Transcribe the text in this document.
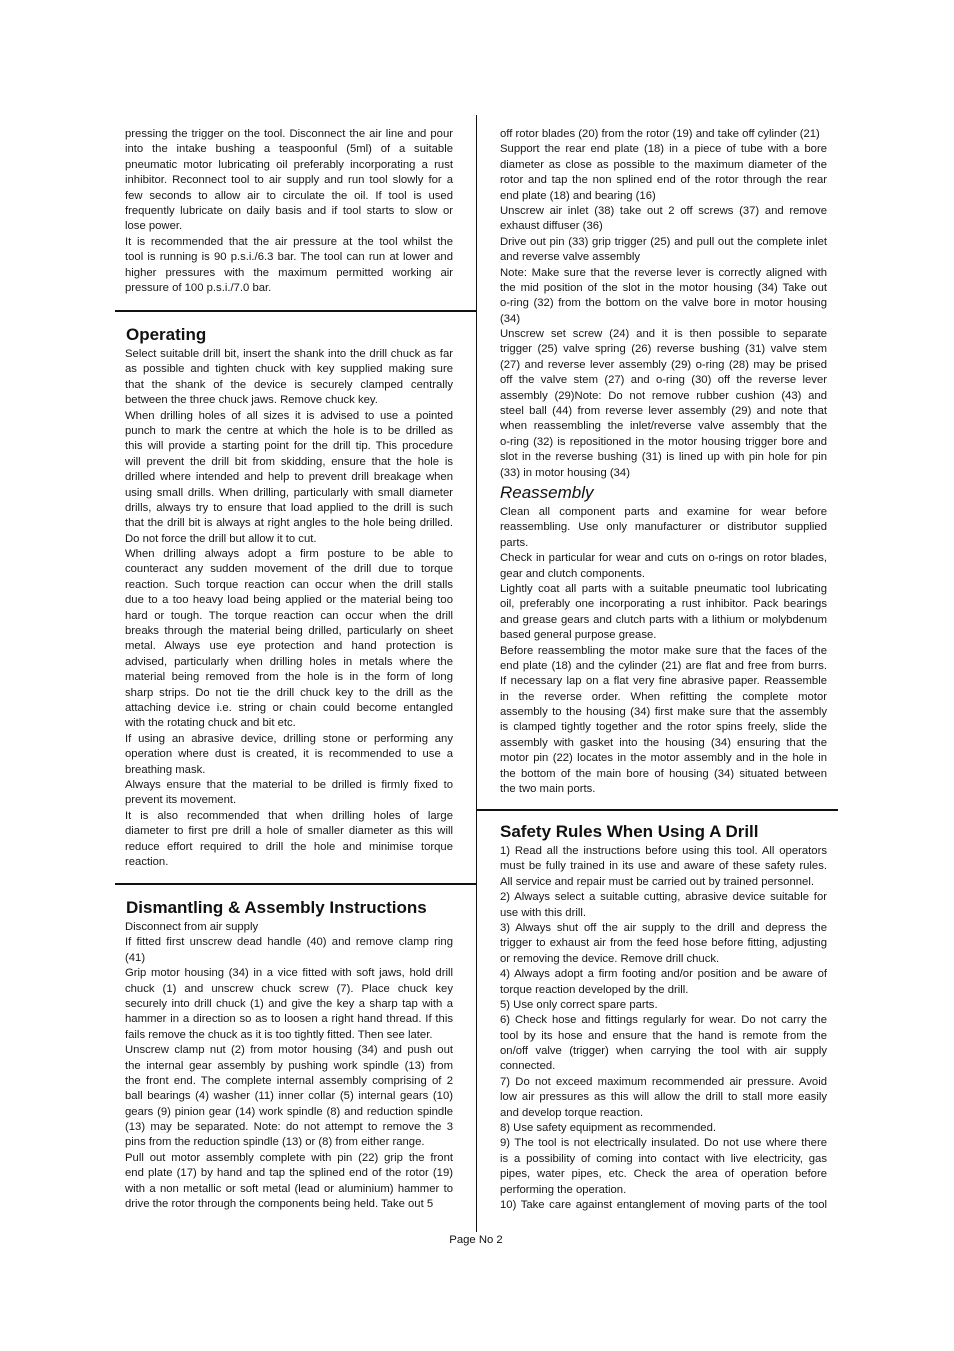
pressing the trigger on the tool. Disconnect the air line and pour
into the intake bushing a teaspoonful (5ml) of a suitable
pneumatic motor lubricating oil preferably incorporating a rust
inhibitor. Reconnect tool to air supply and run tool slowly for a
few seconds to allow air to circulate the oil. If tool is used
frequently lubricate on daily basis and if tool starts to slow or
lose power.
It is recommended that the air pressure at the tool whilst the
tool is running is 90 p.s.i./6.3 bar. The tool can run at lower and
higher pressures with the maximum permitted working air
pressure of 100 p.s.i./7.0 bar.
Operating
Select suitable drill bit, insert the shank into the drill chuck as far
as possible and tighten chuck with key supplied making sure
that the shank of the device is securely clamped centrally
between the three chuck jaws. Remove chuck key.
When drilling holes of all sizes it is advised to use a pointed
punch to mark the centre at which the hole is to be drilled as
this will provide a starting point for the drill tip. This procedure
will prevent the drill bit from skidding, ensure that the hole is
drilled where intended and help to prevent drill breakage when
using small drills. When drilling, particularly with small diameter
drills, always try to ensure that load applied to the drill is such
that the drill bit is always at right angles to the hole being drilled.
Do not force the drill but allow it to cut.
When drilling always adopt a firm posture to be able to
counteract any sudden movement of the drill due to torque
reaction. Such torque reaction can occur when the drill stalls
due to a too heavy load being applied or the material being too
hard or tough. The torque reaction can occur when the drill
breaks through the material being drilled, particularly on sheet
metal. Always use eye protection and hand protection is
advised, particularly when drilling holes in metals where the
material being removed from the hole is in the form of long
sharp strips. Do not tie the drill chuck key to the drill as the
attaching device i.e. string or chain could become entangled
with the rotating chuck and bit etc.
If using an abrasive device, drilling stone or performing any
operation where dust is created, it is recommended to use a
breathing mask.
Always ensure that the material to be drilled is firmly fixed to
prevent its movement.
It is also recommended that when drilling holes of large
diameter to first pre drill a hole of smaller diameter as this will
reduce effort required to drill the hole and minimise torque
reaction.
Dismantling & Assembly Instructions
Disconnect from air supply
If fitted first unscrew dead handle (40) and remove clamp ring
(41)
Grip motor housing (34) in a vice fitted with soft jaws, hold drill
chuck (1) and unscrew chuck screw (7). Place chuck key
securely into drill chuck (1) and give the key a sharp tap with a
hammer in a direction so as to loosen a right hand thread. If this
fails remove the chuck as it is too tightly fitted. Then see later.
Unscrew clamp nut (2) from motor housing (34) and push out
the internal gear assembly by pushing work spindle (13) from
the front end. The complete internal assembly comprising of 2
ball bearings (4) washer (11) inner collar (5) internal gears (10)
gears (9) pinion gear (14) work spindle (8) and reduction spindle
(13) may be separated. Note: do not attempt to remove the 3
pins from the reduction spindle (13) or (8) from either range.
Pull out motor assembly complete with pin (22) grip the front
end plate (17) by hand and tap the splined end of the rotor (19)
with a non metallic or soft metal (lead or aluminium) hammer to
drive the rotor through the components being held. Take out 5
off rotor blades (20) from the rotor (19) and take off cylinder (21)
Support the rear end plate (18) in a piece of tube with a bore
diameter as close as possible to the maximum diameter of the
rotor and tap the non splined end of the rotor through the rear
end plate (18) and bearing (16)
Unscrew air inlet (38) take out 2 off screws (37) and remove
exhaust diffuser (36)
Drive out pin (33) grip trigger (25) and pull out the complete inlet
and reverse valve assembly
Note: Make sure that the reverse lever is correctly aligned with
the mid position of the slot in the motor housing (34) Take out
o-ring (32) from the bottom on the valve bore in motor housing
(34)
Unscrew set screw (24) and it is then possible to separate
trigger (25) valve spring (26) reverse bushing (31) valve stem
(27) and reverse lever assembly (29) o-ring (28) may be prised
off the valve stem (27) and o-ring (30) off the reverse lever
assembly (29)Note: Do not remove rubber cushion (43) and
steel ball (44) from reverse lever assembly (29) and note that
when reassembling the inlet/reverse valve assembly that the
o-ring (32) is repositioned in the motor housing trigger bore and
slot in the reverse bushing (31) is lined up with pin hole for pin
(33) in motor housing (34)
Reassembly
Clean all component parts and examine for wear before
reassembling. Use only manufacturer or distributor supplied
parts.
Check in particular for wear and cuts on o-rings on rotor blades,
gear and clutch components.
Lightly coat all parts with a suitable pneumatic tool lubricating
oil, preferably one incorporating a rust inhibitor. Pack bearings
and grease gears and clutch parts with a lithium or molybdenum
based general purpose grease.
Before reassembling the motor make sure that the faces of the
end plate (18) and the cylinder (21) are flat and free from burrs.
If necessary lap on a flat very fine abrasive paper. Reassemble
in the reverse order. When refitting the complete motor
assembly to the housing (34) first make sure that the assembly
is clamped tightly together and the rotor spins freely, slide the
assembly with gasket into the housing (34) ensuring that the
motor pin (22) locates in the motor assembly and in the hole in
the bottom of the main bore of housing (34) situated between
the two main ports.
Safety Rules When Using A Drill
1) Read all the instructions before using this tool. All operators
must be fully trained in its use and aware of these safety rules.
All service and repair must be carried out by trained personnel.
2) Always select a suitable cutting, abrasive device suitable for
use with this drill.
3) Always shut off the air supply to the drill and depress the
trigger to exhaust air from the feed hose before fitting, adjusting
or removing the device. Remove drill chuck.
4) Always adopt a firm footing and/or position and be aware of
torque reaction developed by the drill.
5) Use only correct spare parts.
6) Check hose and fittings regularly for wear. Do not carry the
tool by its hose and ensure that the hand is remote from the
on/off valve (trigger) when carrying the tool with air supply
connected.
7) Do not exceed maximum recommended air pressure. Avoid
low air pressures as this will allow the drill to stall more easily
and develop torque reaction.
8) Use safety equipment as recommended.
9) The tool is not electrically insulated. Do not use where there
is a possibility of coming into contact with live electricity, gas
pipes, water pipes, etc. Check the area of operation before
performing the operation.
10) Take care against entanglement of moving parts of the tool
Page No 2
